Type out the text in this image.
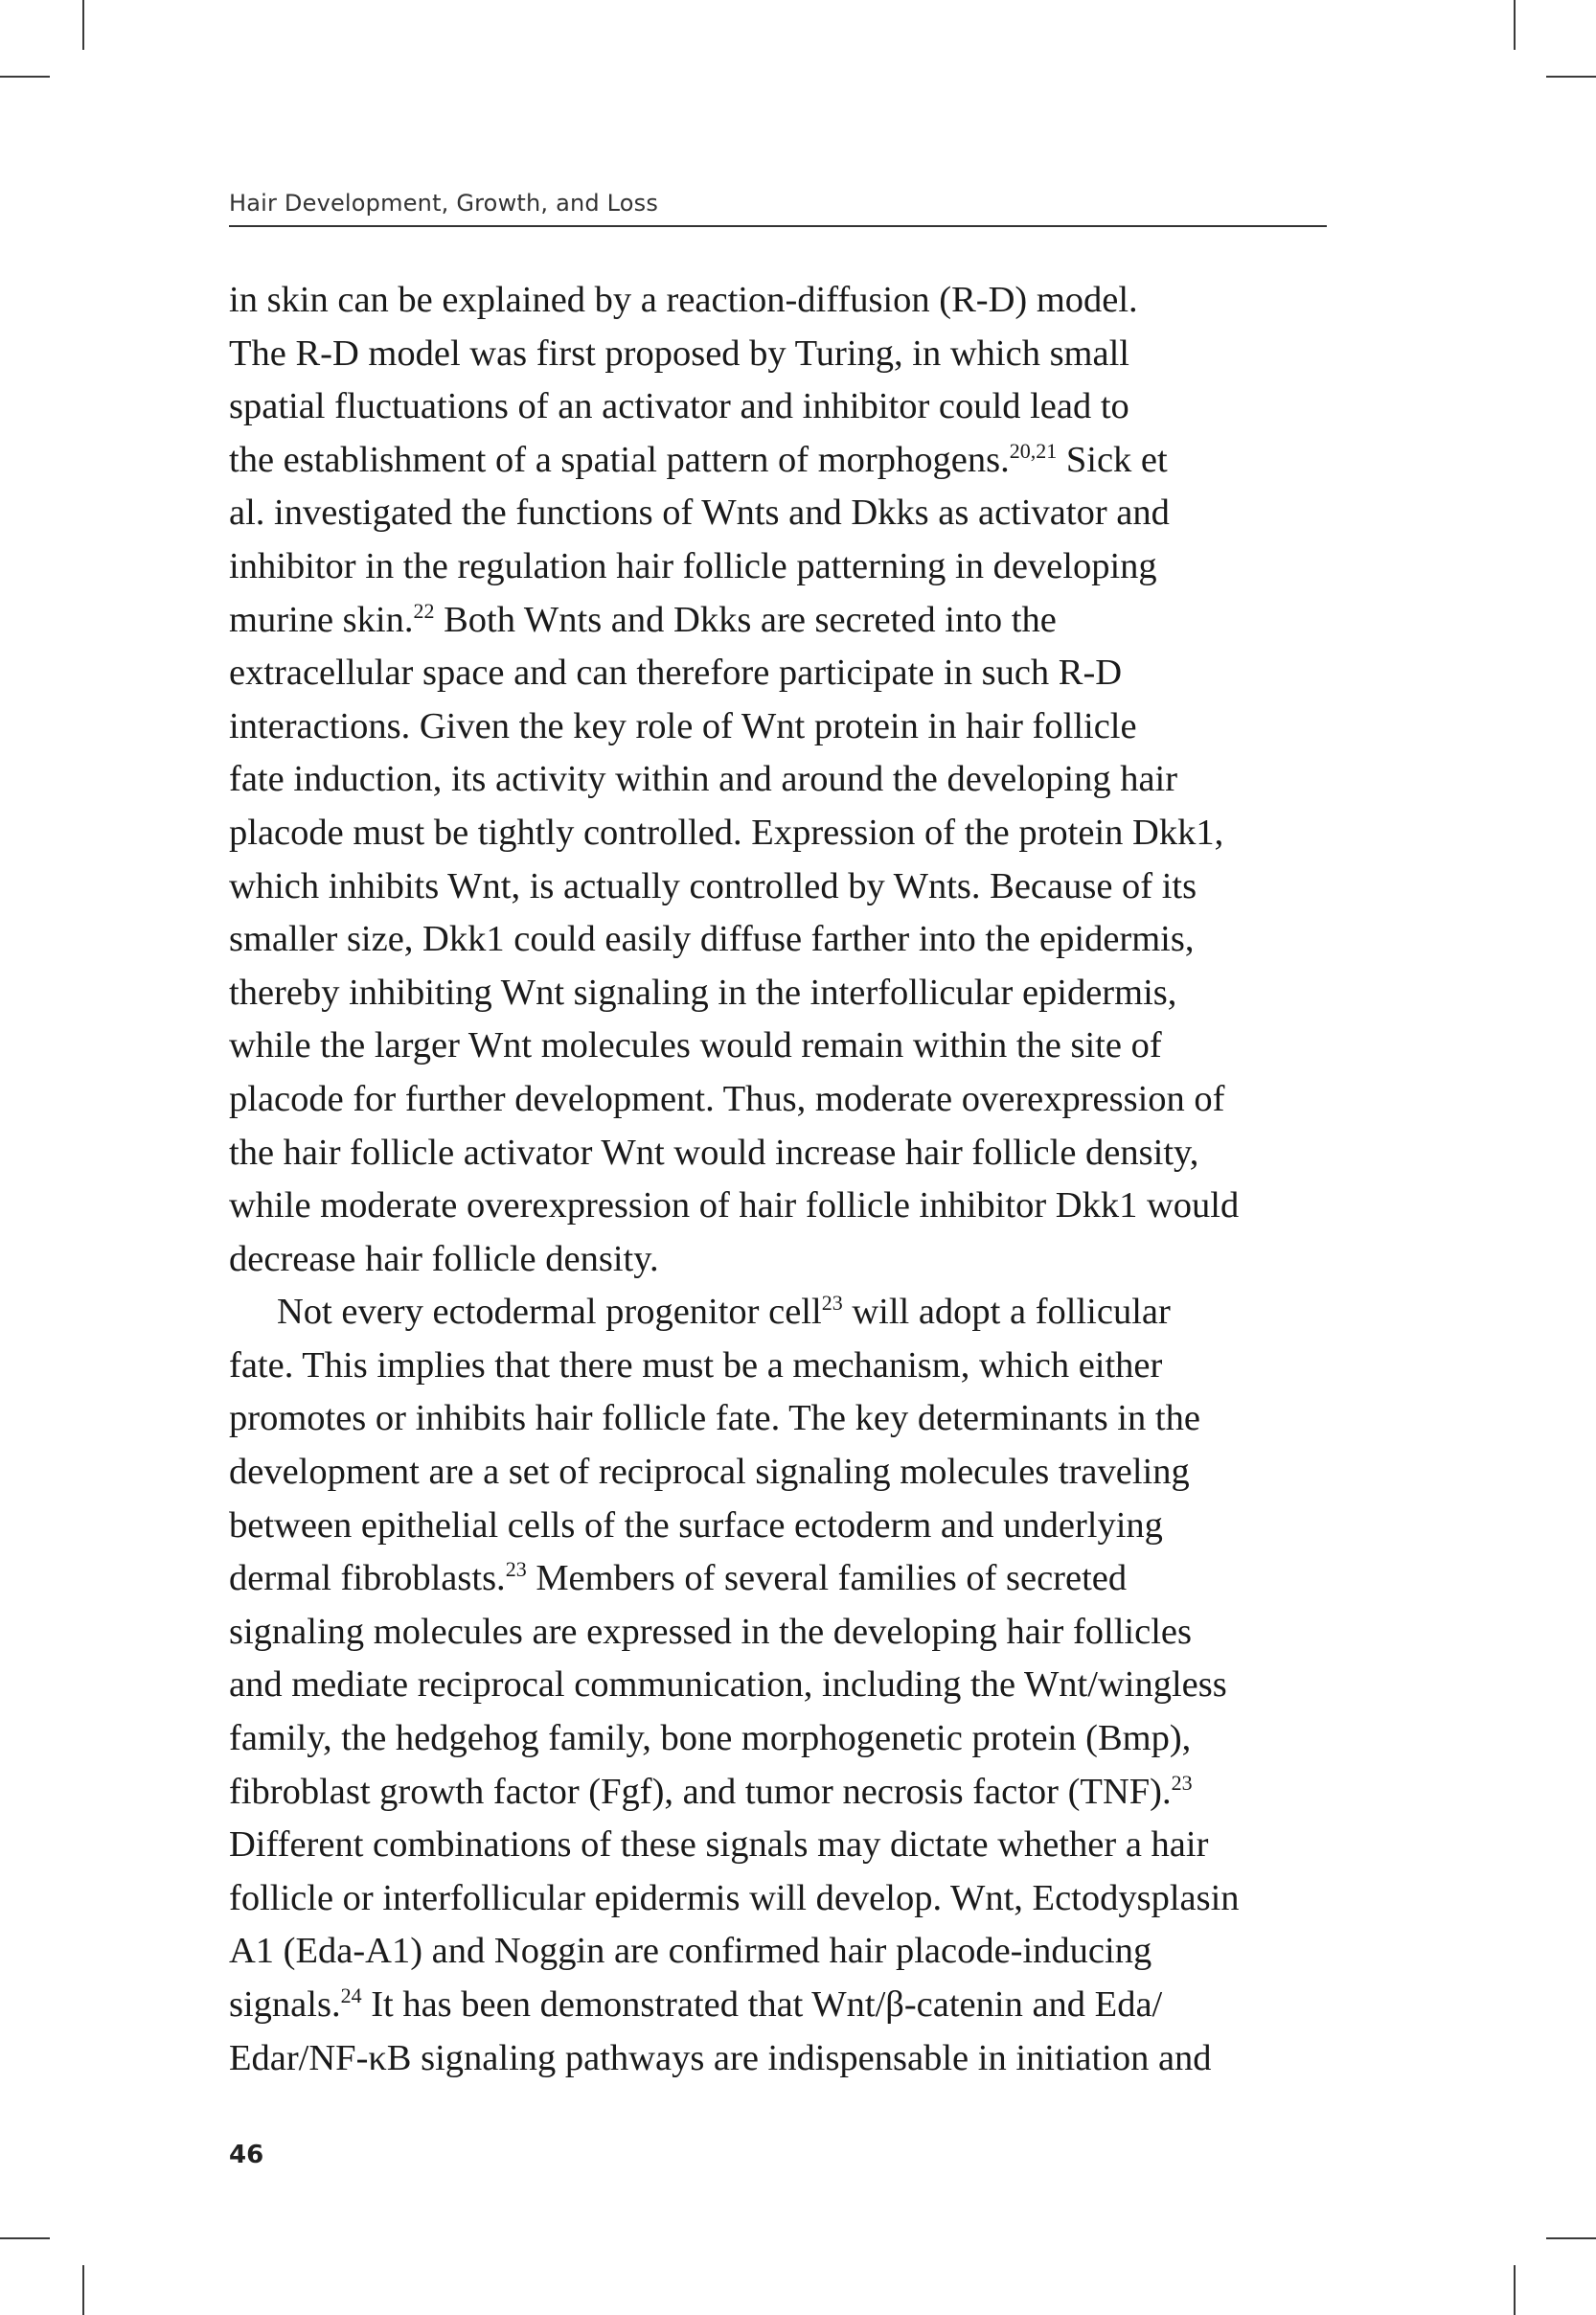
Hair Development, Growth, and Loss
in skin can be explained by a reaction-diffusion (R-D) model.
The R-D model was first proposed by Turing, in which small
spatial fluctuations of an activator and inhibitor could lead to
the establishment of a spatial pattern of morphogens.$^{20,21}$ Sick et
al. investigated the functions of Wnts and Dkks as activator and
inhibitor in the regulation hair follicle patterning in developing
murine skin.$^{22}$ Both Wnts and Dkks are secreted into the
extracellular space and can therefore participate in such R-D
interactions. Given the key role of Wnt protein in hair follicle
fate induction, its activity within and around the developing hair
placode must be tightly controlled. Expression of the protein Dkk1,
which inhibits Wnt, is actually controlled by Wnts. Because of its
smaller size, Dkk1 could easily diffuse farther into the epidermis,
thereby inhibiting Wnt signaling in the interfollicular epidermis,
while the larger Wnt molecules would remain within the site of
placode for further development. Thus, moderate overexpression of
the hair follicle activator Wnt would increase hair follicle density,
while moderate overexpression of hair follicle inhibitor Dkk1 would
decrease hair follicle density.
Not every ectodermal progenitor cell$^{23}$ will adopt a follicular
fate. This implies that there must be a mechanism, which either
promotes or inhibits hair follicle fate. The key determinants in the
development are a set of reciprocal signaling molecules traveling
between epithelial cells of the surface ectoderm and underlying
dermal fibroblasts.$^{23}$ Members of several families of secreted
signaling molecules are expressed in the developing hair follicles
and mediate reciprocal communication, including the Wnt/wingless
family, the hedgehog family, bone morphogenetic protein (Bmp),
fibroblast growth factor (Fgf), and tumor necrosis factor (TNF).$^{23}$
Different combinations of these signals may dictate whether a hair
follicle or interfollicular epidermis will develop. Wnt, Ectodysplasin
A1 (Eda-A1) and Noggin are confirmed hair placode-inducing
signals.$^{24}$ It has been demonstrated that Wnt/β-catenin and Eda/
Edar/NF-κB signaling pathways are indispensable in initiation and
46
